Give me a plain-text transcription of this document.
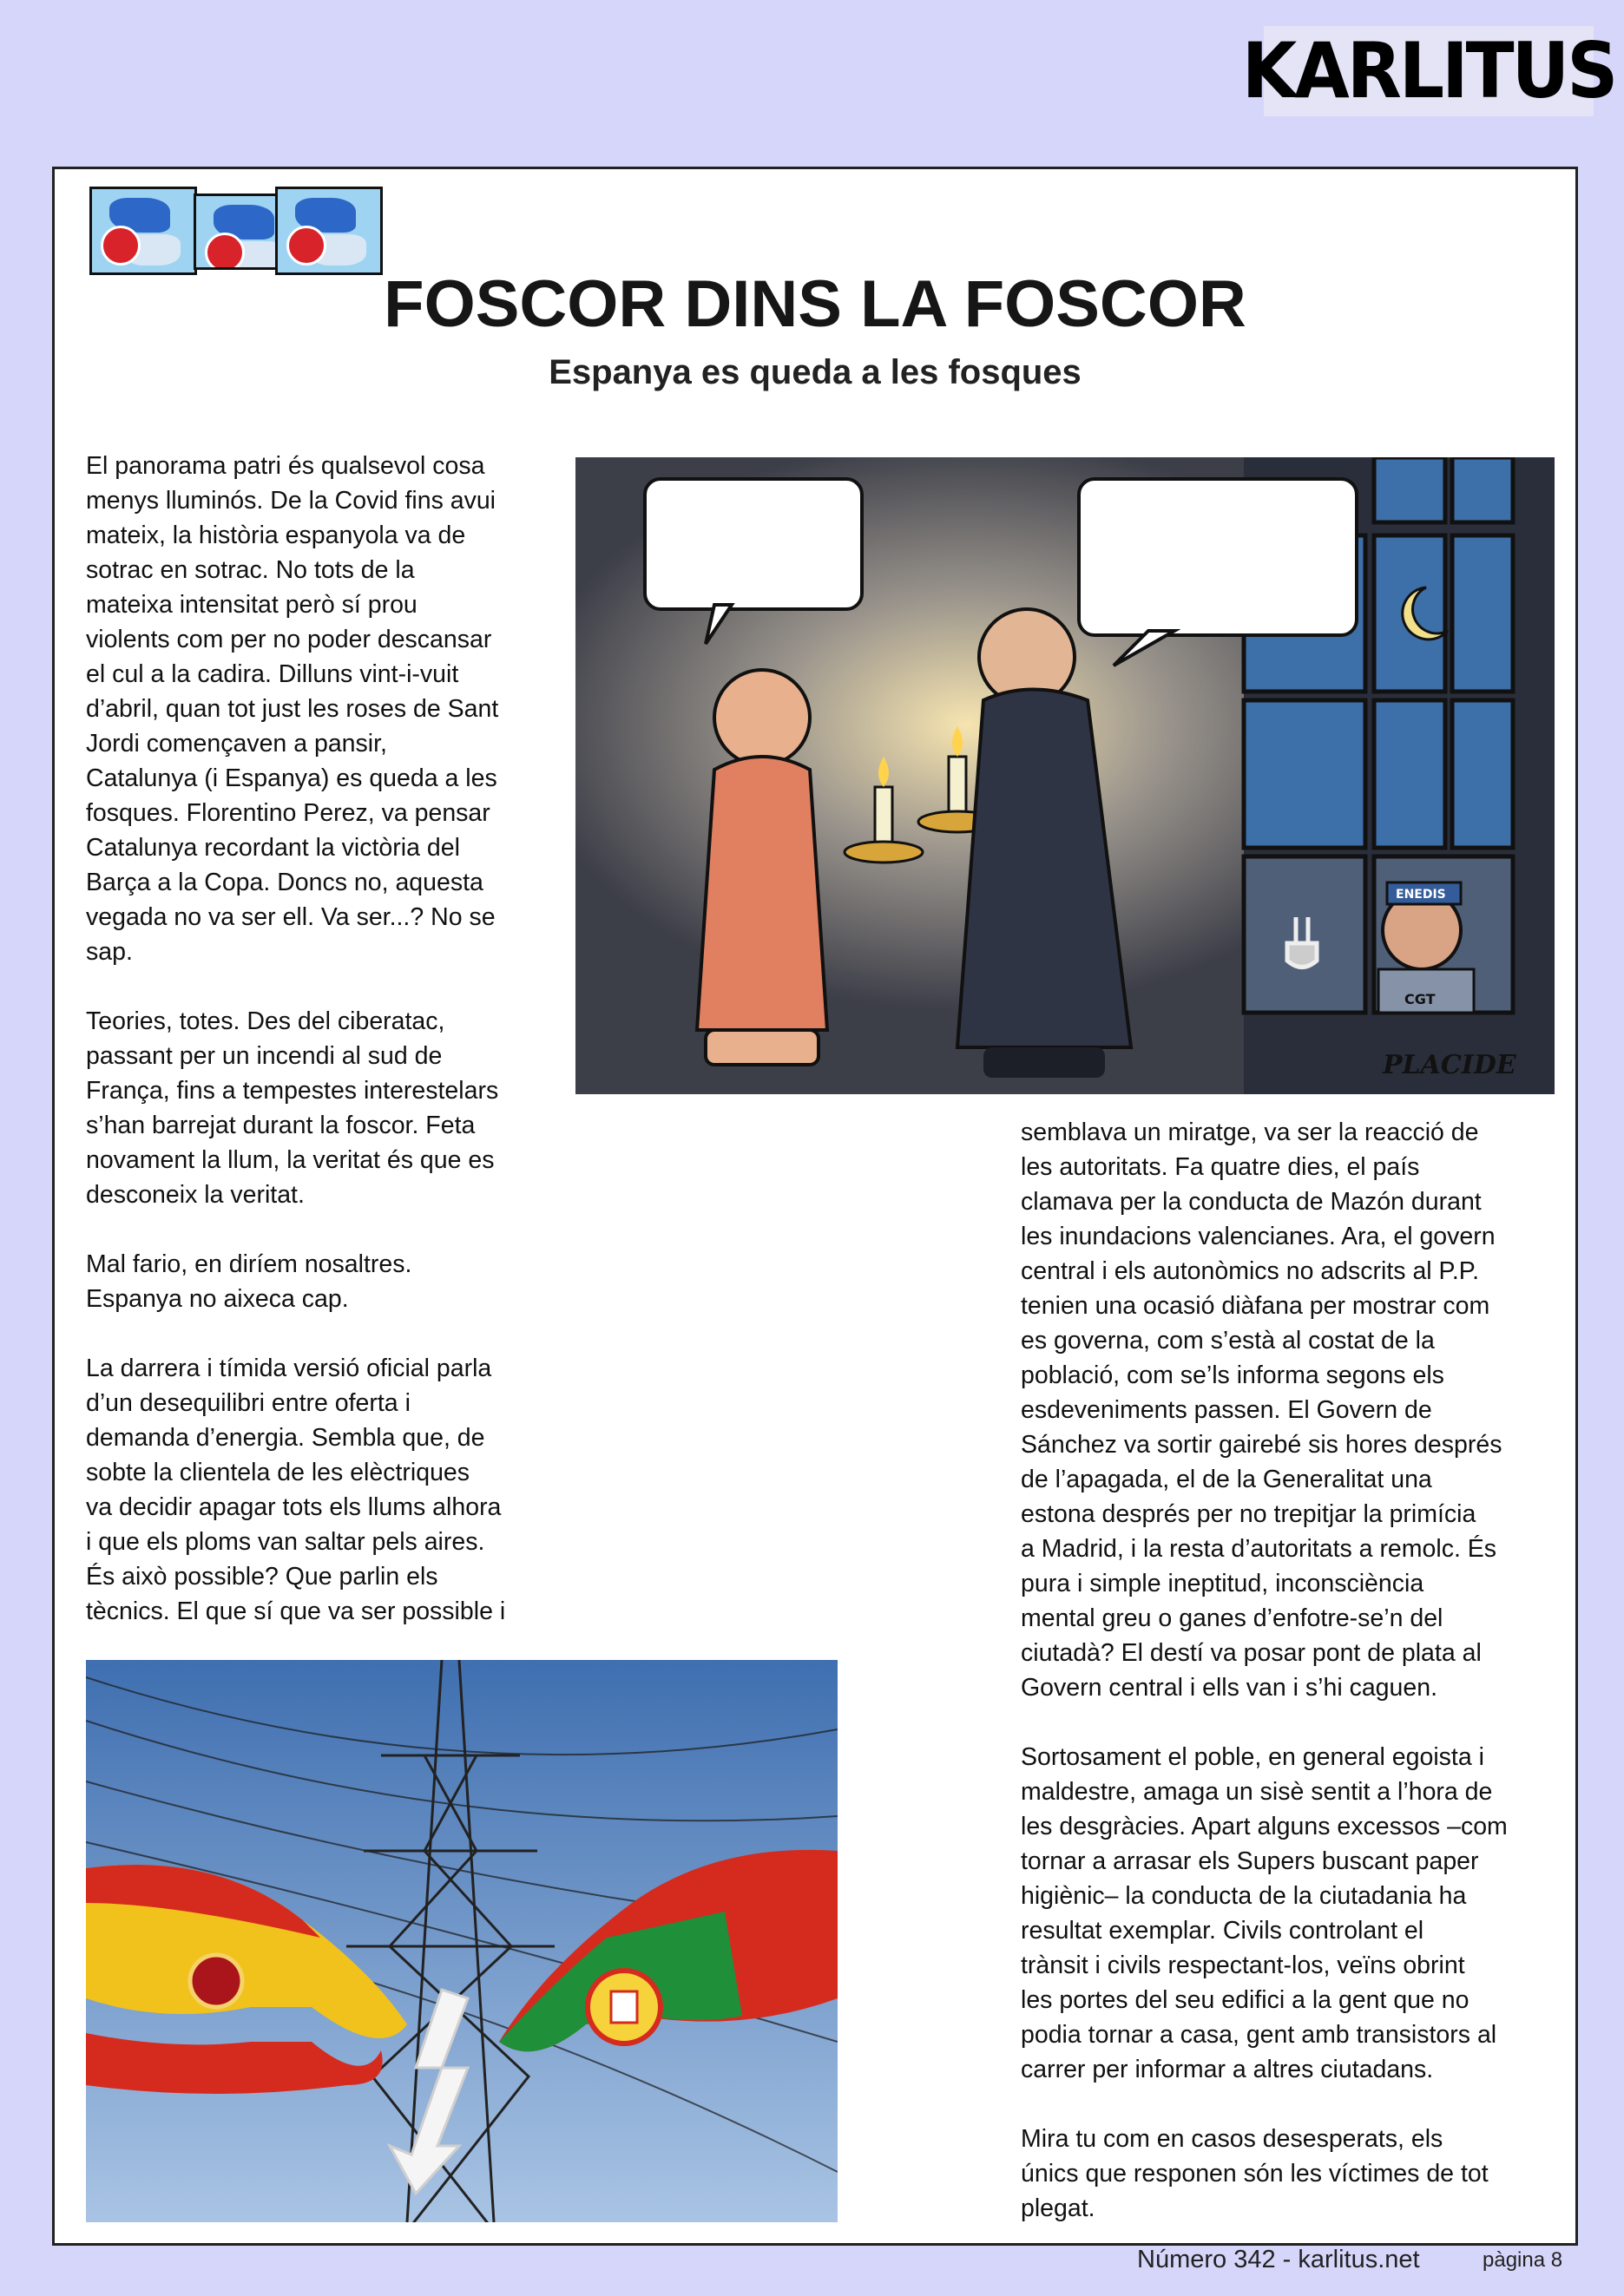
KARLITUS
FOSCOR DINS LA FOSCOR
Espanya es queda a les fosques

El panorama patri és qualsevol cosa
menys lluminós. De la Covid fins avui
mateix, la història espanyola va de
sotrac en sotrac. No tots de la
mateixa intensitat però sí prou
violents com per no poder descansar
el cul a la cadira. Dilluns vint-i-vuit
d’abril, quan tot just les roses de Sant
Jordi començaven a pansir,
Catalunya (i Espanya) es queda a les
fosques. Florentino Perez, va pensar
Catalunya recordant la victòria del
Barça a la Copa. Doncs no, aquesta
vegada no va ser ell. Va ser...? No se
sap.

Teories, totes. Des del ciberatac,
passant per un incendi al sud de
França, fins a tempestes interestelars
s’han barrejat durant la foscor. Feta
novament la llum, la veritat és que es
desconeix la veritat.

Mal fario, en diríem nosaltres.
Espanya no aixeca cap.

La darrera i tímida versió oficial parla
d’un desequilibri entre oferta i
demanda d’energia. Sembla que, de
sobte la clientela de les elèctriques
va decidir apagar tots els llums alhora
i que els ploms van saltar pels aires.
És això possible? Que parlin els
tècnics. El que sí que va ser possible i

ENEDIS
CGT
PLACIDE

semblava un miratge, va ser la reacció de
les autoritats. Fa quatre dies, el país
clamava per la conducta de Mazón durant
les inundacions valencianes. Ara, el govern
central i els autonòmics no adscrits al P.P.
tenien una ocasió diàfana per mostrar com
es governa, com s’està al costat de la
població, com se’ls informa segons els
esdeveniments passen. El Govern de
Sánchez va sortir gairebé sis hores després
de l’apagada, el de la Generalitat una
estona després per no trepitjar la primícia
a Madrid, i la resta d’autoritats a remolc. És
pura i simple ineptitud, inconsciència
mental greu o ganes d’enfotre-se’n del
ciutadà? El destí va posar pont de plata al
Govern central i ells van i s’hi caguen.

Sortosament el poble, en general egoista i
maldestre, amaga un sisè sentit a l’hora de
les desgràcies. Apart alguns excessos –com
tornar a arrasar els Supers buscant paper
higiènic– la conducta de la ciutadania ha
resultat exemplar. Civils controlant el
trànsit i civils respectant-los, veïns obrint
les portes del seu edifici a la gent que no
podia tornar a casa, gent amb transistors al
carrer per informar a altres ciutadans.

Mira tu com en casos desesperats, els
únics que responen són les víctimes de tot
plegat.

Número 342 - karlitus.net	pàgina 8
